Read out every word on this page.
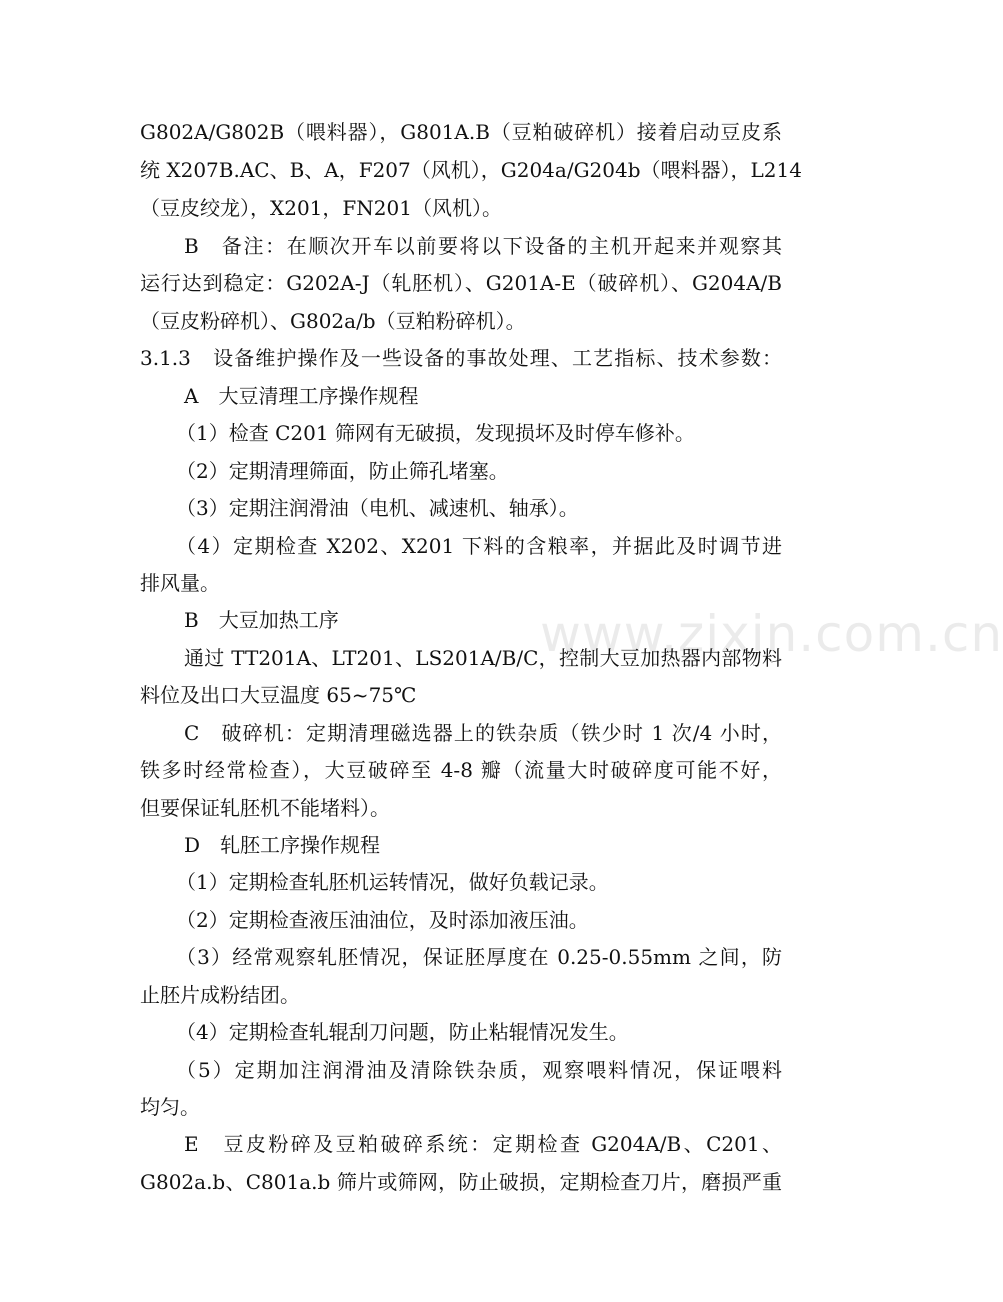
G802A/G802B（喂料器），G801A.B（豆粕破碎机）接着启动豆皮系
统 X207B.AC、B、A，F207（风机），G204a/G204b（喂料器），L214
（豆皮绞龙），X201，FN201（风机）。
B　备注：在顺次开车以前要将以下设备的主机开起来并观察其
运行达到稳定：G202A-J（轧胚机）、G201A-E（破碎机）、G204A/B
（豆皮粉碎机）、G802a/b（豆粕粉碎机）。
3.1.3　设备维护操作及一些设备的事故处理、工艺指标、技术参数：
A　大豆清理工序操作规程
（1）检查 C201 筛网有无破损，发现损坏及时停车修补。
（2）定期清理筛面，防止筛孔堵塞。
（3）定期注润滑油（电机、减速机、轴承）。
（4）定期检查 X202、X201 下料的含粮率，并据此及时调节进
排风量。
B　大豆加热工序
通过 TT201A、LT201、LS201A/B/C，控制大豆加热器内部物料
料位及出口大豆温度 65~75℃
C　破碎机：定期清理磁选器上的铁杂质（铁少时 1 次/4 小时，
铁多时经常检查），大豆破碎至 4-8 瓣（流量大时破碎度可能不好，
但要保证轧胚机不能堵料）。
D　轧胚工序操作规程
（1）定期检查轧胚机运转情况，做好负载记录。
（2）定期检查液压油油位，及时添加液压油。
（3）经常观察轧胚情况，保证胚厚度在 0.25-0.55mm 之间，防
止胚片成粉结团。
（4）定期检查轧辊刮刀问题，防止粘辊情况发生。
（5）定期加注润滑油及清除铁杂质，观察喂料情况，保证喂料
均匀。
E　豆皮粉碎及豆粕破碎系统：定期检查 G204A/B、C201、
G802a.b、C801a.b 筛片或筛网，防止破损，定期检查刀片，磨损严重
www.zixin.com.cn
